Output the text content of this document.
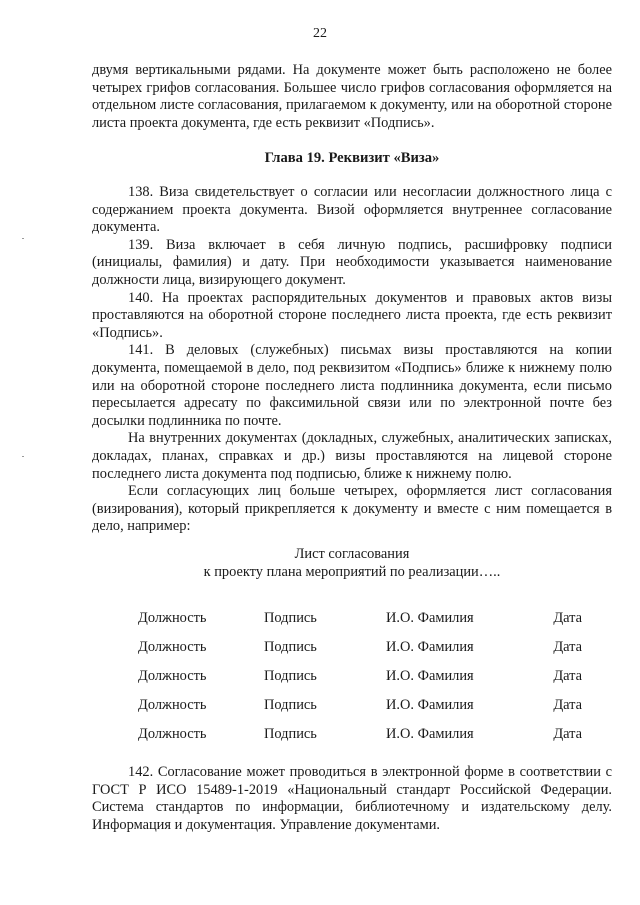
22

двумя вертикальными рядами. На документе может быть расположено не более четырех грифов согласования. Большее число грифов согласования оформляется на отдельном листе согласования, прилагаемом к документу, или на оборотной стороне листа проекта документа, где есть реквизит «Подпись».

Глава 19. Реквизит «Виза»

138. Виза свидетельствует о согласии или несогласии должностного лица с содержанием проекта документа. Визой оформляется внутреннее согласование документа.

139. Виза включает в себя личную подпись, расшифровку подписи (инициалы, фамилия) и дату. При необходимости указывается наименование должности лица, визирующего документ.

140. На проектах распорядительных документов и правовых актов визы проставляются на оборотной стороне последнего листа проекта, где есть реквизит «Подпись».

141. В деловых (служебных) письмах визы проставляются на копии документа, помещаемой в дело, под реквизитом «Подпись» ближе к нижнему полю или на оборотной стороне последнего листа подлинника документа, если письмо пересылается адресату по факсимильной связи или по электронной почте без досылки подлинника по почте.

На внутренних документах (докладных, служебных, аналитических записках, докладах, планах, справках и др.) визы проставляются на лицевой стороне последнего листа документа под подписью, ближе к нижнему полю.

Если согласующих лиц больше четырех, оформляется лист согласования (визирования), который прикрепляется к документу и вместе с ним помещается в дело, например:

Лист согласования
к проекту плана мероприятий по реализации…..
Должность	Подпись	И.О. Фамилия	Дата
Должность	Подпись	И.О. Фамилия	Дата
Должность	Подпись	И.О. Фамилия	Дата
Должность	Подпись	И.О. Фамилия	Дата
Должность	Подпись	И.О. Фамилия	Дата

142. Согласование может проводиться в электронной форме в соответствии с ГОСТ Р ИСО 15489-1-2019 «Национальный стандарт Российской Федерации. Система стандартов по информации, библиотечному и издательскому делу. Информация и документация. Управление документами.
